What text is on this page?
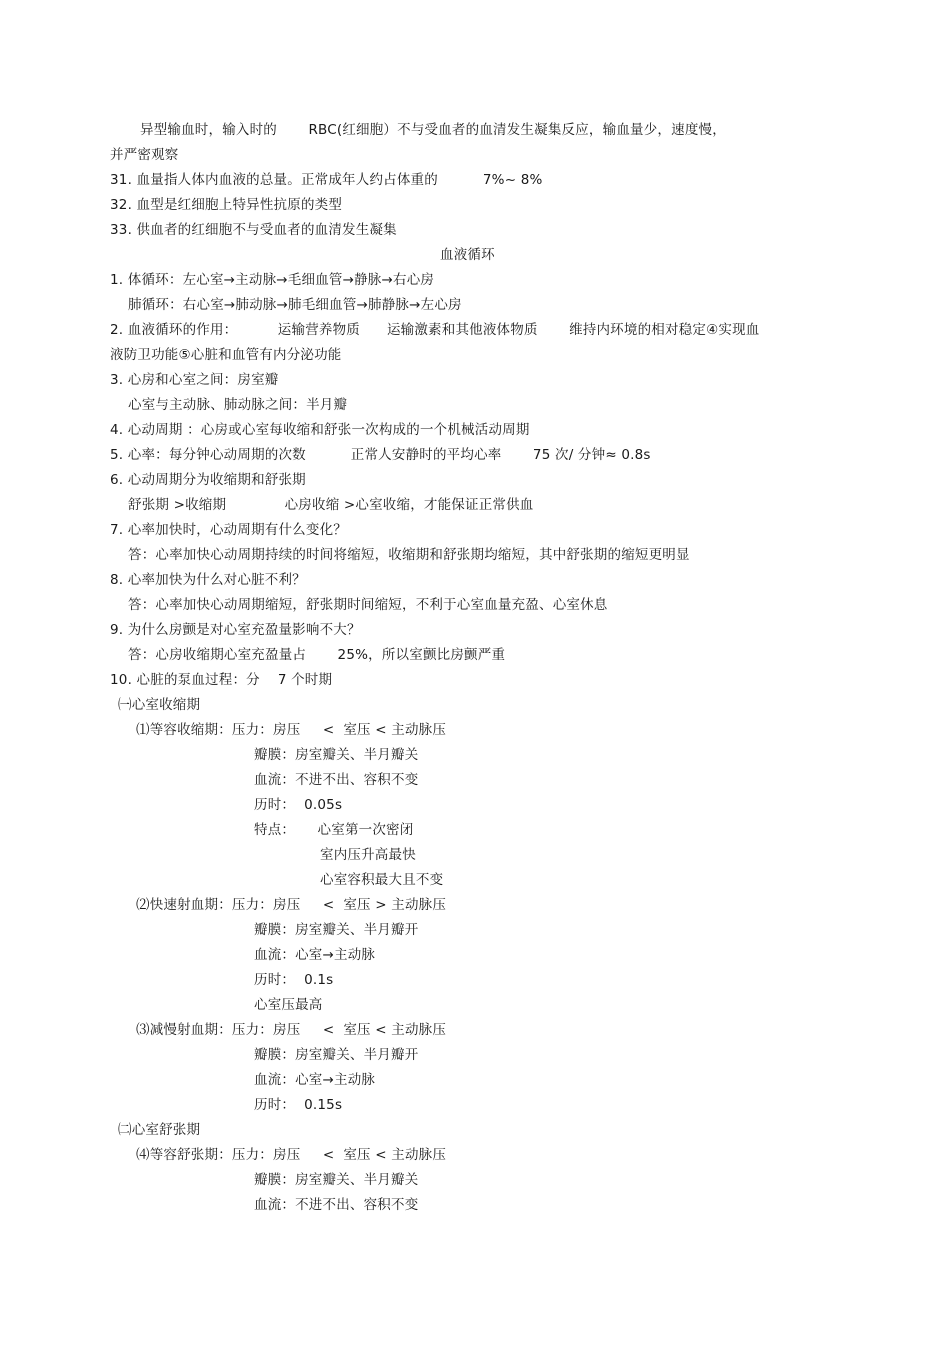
异型输血时，输入时的       RBC(红细胞）不与受血者的血清发生凝集反应，输血量少，速度慢，
并严密观察
31. 血量指人体内血液的总量。正常成年人约占体重的          7%~ 8%
32. 血型是红细胞上特异性抗原的类型
33. 供血者的红细胞不与受血者的血清发生凝集
血液循环
1. 体循环：左心室→主动脉→毛细血管→静脉→右心房
肺循环：右心室→肺动脉→肺毛细血管→肺静脉→左心房
2. 血液循环的作用：         运输营养物质      运输激素和其他液体物质       维持内环境的相对稳定④实现血
液防卫功能⑤心脏和血管有内分泌功能
3. 心房和心室之间：房室瓣
心室与主动脉、肺动脉之间：半月瓣
4. 心动周期 ：心房或心室每收缩和舒张一次构成的一个机械活动周期
5. 心率：每分钟心动周期的次数          正常人安静时的平均心率       75 次/ 分钟≈ 0.8s
6. 心动周期分为收缩期和舒张期
舒张期 >收缩期             心房收缩 >心室收缩，才能保证正常供血
7. 心率加快时，心动周期有什么变化？
答：心率加快心动周期持续的时间将缩短，收缩期和舒张期均缩短，其中舒张期的缩短更明显
8. 心率加快为什么对心脏不利？
答：心率加快心动周期缩短，舒张期时间缩短，不利于心室血量充盈、心室休息
9. 为什么房颤是对心室充盈量影响不大？
答：心房收缩期心室充盈量占       25%，所以室颤比房颤严重
10. 心脏的泵血过程：分    7 个时期
㈠心室收缩期
⑴等容收缩期：压力：房压     <  室压 < 主动脉压
瓣膜：房室瓣关、半月瓣关
血流：不进不出、容积不变
历时：  0.05s
特点：     心室第一次密闭
室内压升高最快
心室容积最大且不变
⑵快速射血期：压力：房压     <  室压 > 主动脉压
瓣膜：房室瓣关、半月瓣开
血流：心室→主动脉
历时：  0.1s
心室压最高
⑶减慢射血期：压力：房压     <  室压 < 主动脉压
瓣膜：房室瓣关、半月瓣开
血流：心室→主动脉
历时：  0.15s
㈡心室舒张期
⑷等容舒张期：压力：房压     <  室压 < 主动脉压
瓣膜：房室瓣关、半月瓣关
血流：不进不出、容积不变
